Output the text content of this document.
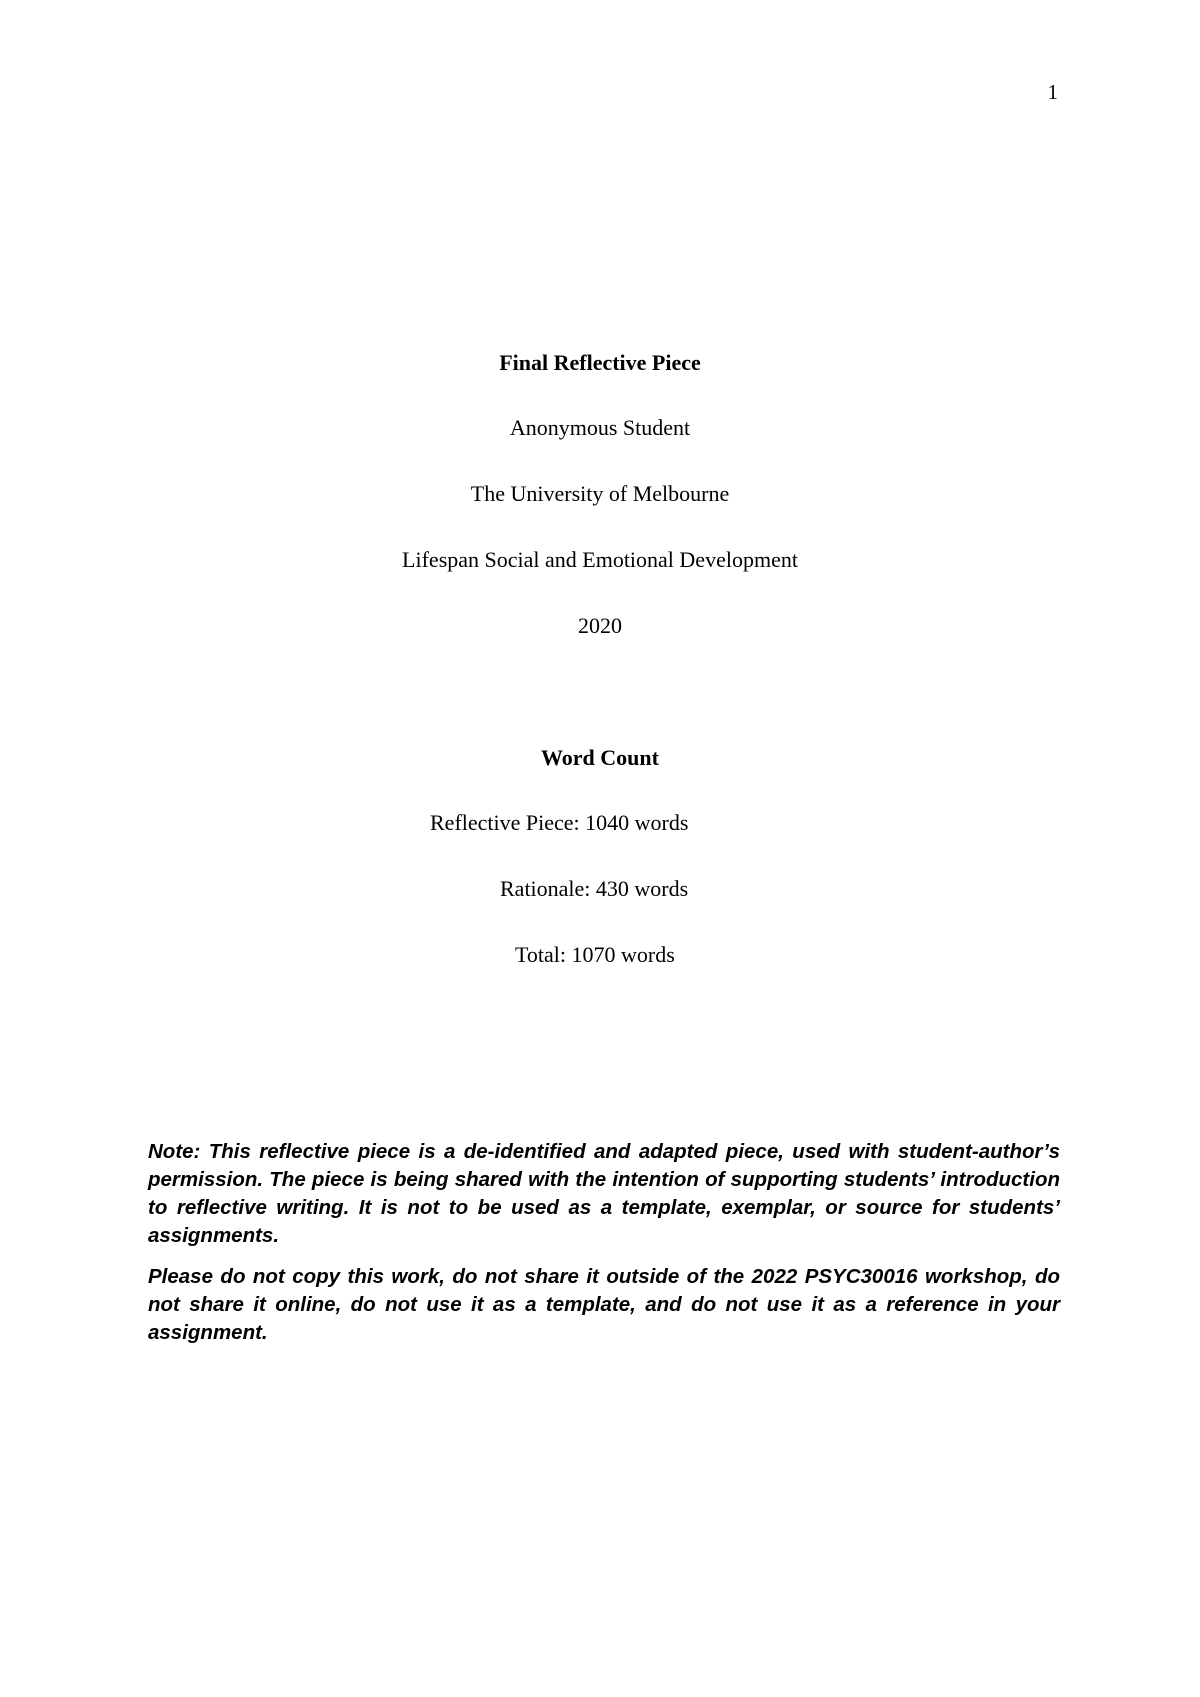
1
Final Reflective Piece
Anonymous Student
The University of Melbourne
Lifespan Social and Emotional Development
2020
Word Count
Reflective Piece: 1040 words
Rationale: 430 words
Total: 1070 words

Note: This reflective piece is a de-identified and adapted piece, used with student-author’s permission. The piece is being shared with the intention of supporting students’ introduction to reflective writing. It is not to be used as a template, exemplar, or source for students’ assignments.

Please do not copy this work, do not share it outside of the 2022 PSYC30016 workshop, do not share it online, do not use it as a template, and do not use it as a reference in your assignment.
